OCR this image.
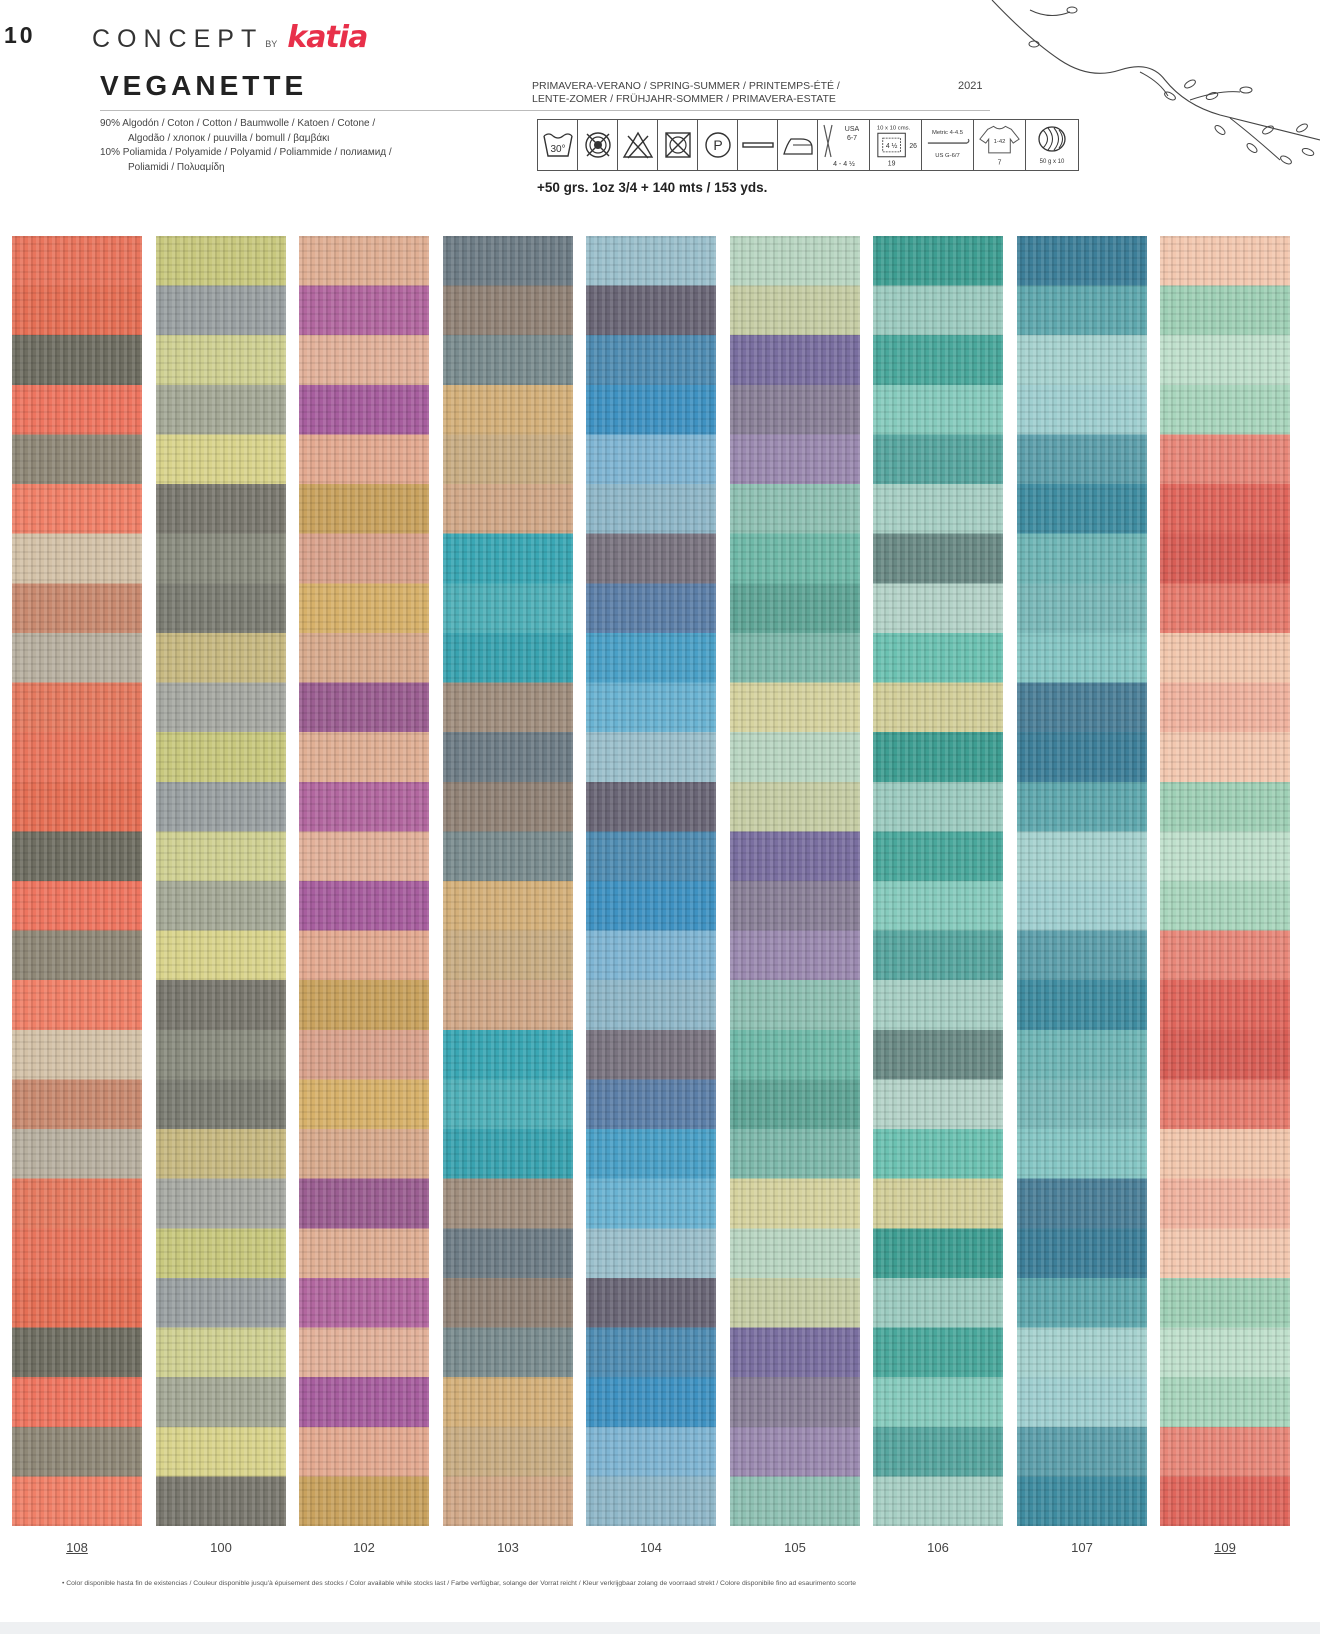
10 CONCEPT BY katia
VEGANETTE
90% Algodón / Coton / Cotton / Baumwolle / Katoen / Cotone /
Algodão / хлопок / puuvilla / bomull / βαμβάκι
10% Poliamida / Polyamide / Polyamid / Poliammide / полиамид /
Poliamidi / Πολυαμίδη
PRIMAVERA-VERANO / SPRING-SUMMER / PRINTEMPS-ÉTÉ /
LENTE-ZOMER / FRÜHJAHR-SOMMER / PRIMAVERA-ESTATE
2021
30°	P
USA
6-7
4 - 4 ½
10 x 10 cms.
4 ½ 26
19
Metric 4-4.5
US G-6/7
1-42
7	50 g x 10
+50 grs. 1oz 3/4 + 140 mts / 153 yds.
108	100	102	103	104	105	106	107	109
• Color disponible hasta fin de existencias / Couleur disponible jusqu'à épuisement des stocks / Color available while stocks last / Farbe verfügbar, solange der Vorrat reicht / Kleur verkrijgbaar zolang de voorraad strekt / Colore disponibile fino ad esaurimento scorte
